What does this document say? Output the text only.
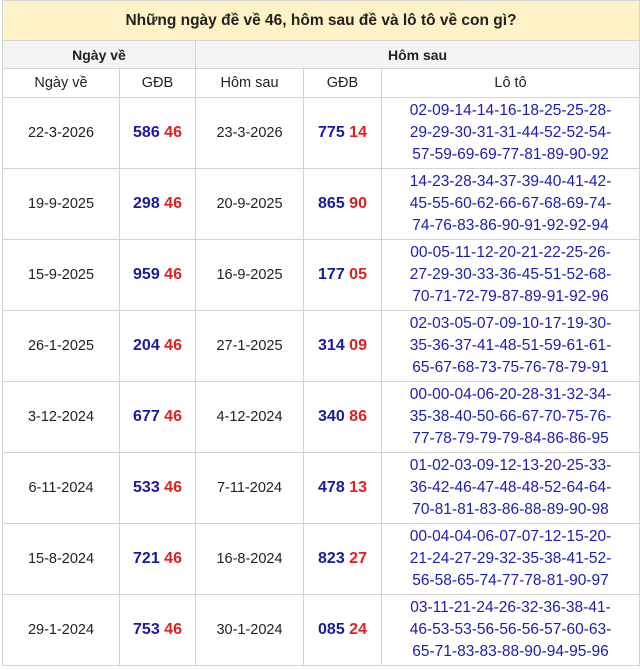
Những ngày đề về 46, hôm sau đề và lô tô về con gì?				
Ngày về		Hôm sau		
Ngày về	GĐB	Hôm sau	GĐB	Lô tô
22-3-2026	586 46	23-3-2026	775 14	02-09-14-14-16-18-25-25-28-
29-29-30-31-31-44-52-52-54-
57-59-69-69-77-81-89-90-92

19-9-2025	298 46	20-9-2025	865 90	14-23-28-34-37-39-40-41-42-
45-55-60-62-66-67-68-69-74-
74-76-83-86-90-91-92-92-94

15-9-2025	959 46	16-9-2025	177 05	00-05-11-12-20-21-22-25-26-
27-29-30-33-36-45-51-52-68-
70-71-72-79-87-89-91-92-96

26-1-2025	204 46	27-1-2025	314 09	02-03-05-07-09-10-17-19-30-
35-36-37-41-48-51-59-61-61-
65-67-68-73-75-76-78-79-91

3-12-2024	677 46	4-12-2024	340 86	00-00-04-06-20-28-31-32-34-
35-38-40-50-66-67-70-75-76-
77-78-79-79-79-84-86-86-95

6-11-2024	533 46	7-11-2024	478 13	01-02-03-09-12-13-20-25-33-
36-42-46-47-48-48-52-64-64-
70-81-81-83-86-88-89-90-98

15-8-2024	721 46	16-8-2024	823 27	00-04-04-06-07-07-12-15-20-
21-24-27-29-32-35-38-41-52-
56-58-65-74-77-78-81-90-97

29-1-2024	753 46	30-1-2024	085 24	03-11-21-24-26-32-36-38-41-
46-53-53-56-56-56-57-60-63-
65-71-83-83-88-90-94-95-96
